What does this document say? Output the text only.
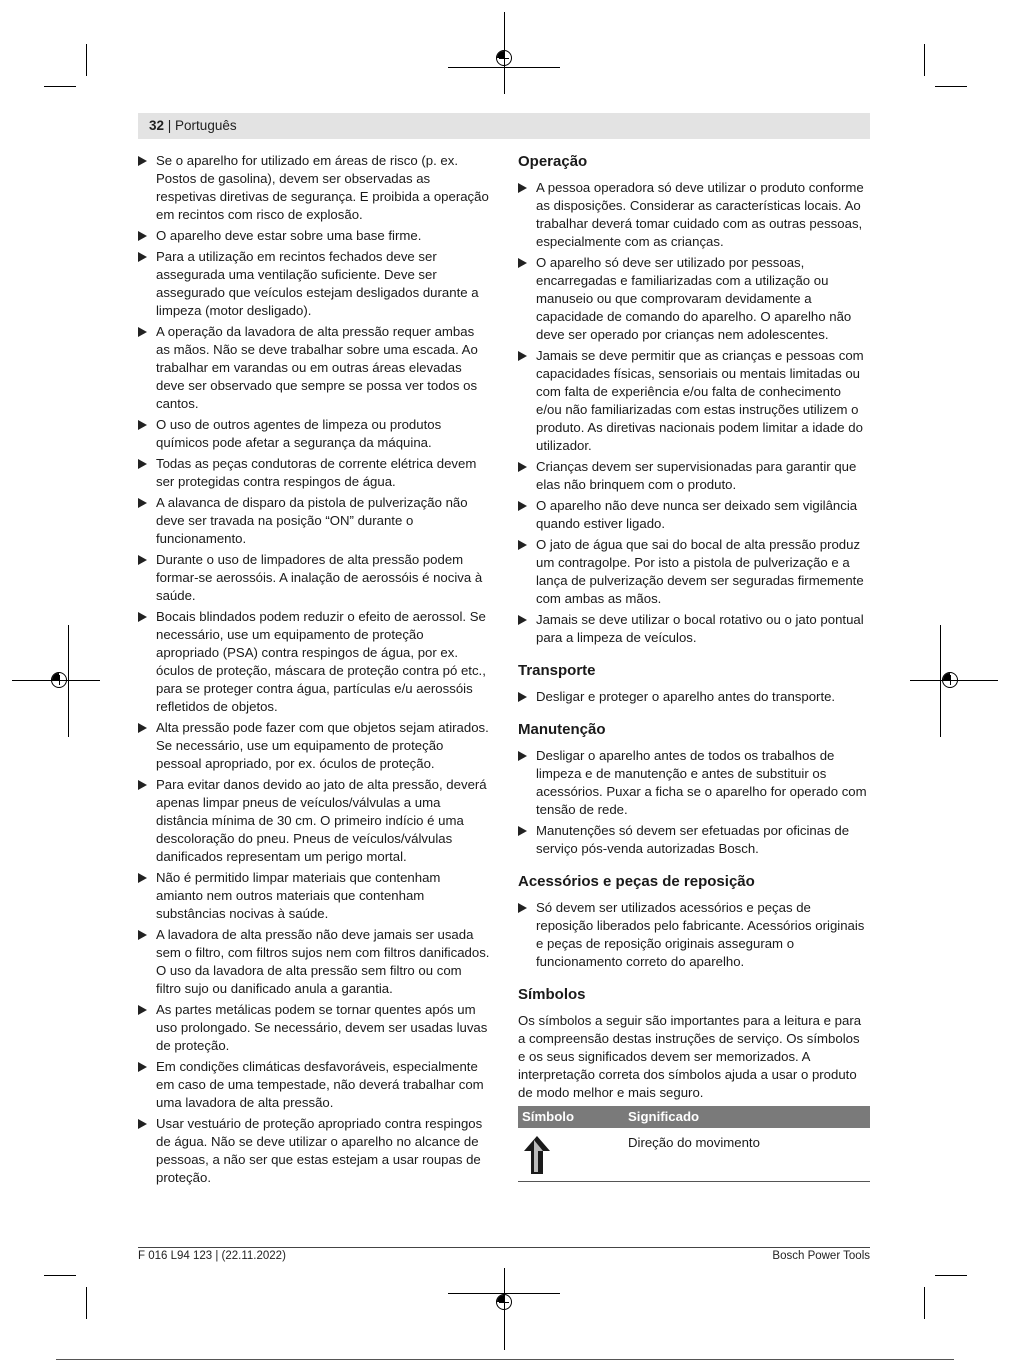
32 | Português
Se o aparelho for utilizado em áreas de risco (p. ex. Postos de gasolina), devem ser observadas as respetivas diretivas de segurança. E proibida a operação em recintos com risco de explosão.
O aparelho deve estar sobre uma base firme.
Para a utilização em recintos fechados deve ser assegurada uma ventilação suficiente. Deve ser assegurado que veículos estejam desligados durante a limpeza (motor desligado).
A operação da lavadora de alta pressão requer ambas as mãos. Não se deve trabalhar sobre uma escada. Ao trabalhar em varandas ou em outras áreas elevadas deve ser observado que sempre se possa ver todos os cantos.
O uso de outros agentes de limpeza ou produtos químicos pode afetar a segurança da máquina.
Todas as peças condutoras de corrente elétrica devem ser protegidas contra respingos de água.
A alavanca de disparo da pistola de pulverização não deve ser travada na posição “ON” durante o funcionamento.
Durante o uso de limpadores de alta pressão podem formar-se aerossóis. A inalação de aerossóis é nociva à saúde.
Bocais blindados podem reduzir o efeito de aerossol. Se necessário, use um equipamento de proteção apropriado (PSA) contra respingos de água, por ex. óculos de proteção, máscara de proteção contra pó etc., para se proteger contra água, partículas e/u aerossóis refletidos de objetos.
Alta pressão pode fazer com que objetos sejam atirados. Se necessário, use um equipamento de proteção pessoal apropriado, por ex. óculos de proteção.
Para evitar danos devido ao jato de alta pressão, deverá apenas limpar pneus de veículos/válvulas a uma distância mínima de 30 cm. O primeiro indício é uma descoloração do pneu. Pneus de veículos/válvulas danificados representam um perigo mortal.
Não é permitido limpar materiais que contenham amianto nem outros materiais que contenham substâncias nocivas à saúde.
A lavadora de alta pressão não deve jamais ser usada sem o filtro, com filtros sujos nem com filtros danificados. O uso da lavadora de alta pressão sem filtro ou com filtro sujo ou danificado anula a garantia.
As partes metálicas podem se tornar quentes após um uso prolongado. Se necessário, devem ser usadas luvas de proteção.
Em condições climáticas desfavoráveis, especialmente em caso de uma tempestade, não deverá trabalhar com uma lavadora de alta pressão.
Usar vestuário de proteção apropriado contra respingos de água. Não se deve utilizar o aparelho no alcance de pessoas, a não ser que estas estejam a usar roupas de proteção.
Operação
A pessoa operadora só deve utilizar o produto conforme as disposições. Considerar as características locais. Ao trabalhar deverá tomar cuidado com as outras pessoas, especialmente com as crianças.
O aparelho só deve ser utilizado por pessoas, encarregadas e familiarizadas com a utilização ou manuseio ou que comprovaram devidamente a capacidade de comando do aparelho. O aparelho não deve ser operado por crianças nem adolescentes.
Jamais se deve permitir que as crianças e pessoas com capacidades físicas, sensoriais ou mentais limitadas ou com falta de experiência e/ou falta de conhecimento e/ou não familiarizadas com estas instruções utilizem o produto. As diretivas nacionais podem limitar a idade do utilizador.
Crianças devem ser supervisionadas para garantir que elas não brinquem com o produto.
O aparelho não deve nunca ser deixado sem vigilância quando estiver ligado.
O jato de água que sai do bocal de alta pressão produz um contragolpe. Por isto a pistola de pulverização e a lança de pulverização devem ser seguradas firmemente com ambas as mãos.
Jamais se deve utilizar o bocal rotativo ou o jato pontual para a limpeza de veículos.
Transporte
Desligar e proteger o aparelho antes do transporte.
Manutenção
Desligar o aparelho antes de todos os trabalhos de limpeza e de manutenção e antes de substituir os acessórios. Puxar a ficha se o aparelho for operado com tensão de rede.
Manutenções só devem ser efetuadas por oficinas de serviço pós-venda autorizadas Bosch.
Acessórios e peças de reposição
Só devem ser utilizados acessórios e peças de reposição liberados pelo fabricante. Acessórios originais e peças de reposição originais asseguram o funcionamento correto do aparelho.
Símbolos

Os símbolos a seguir são importantes para a leitura e para a compreensão destas instruções de serviço. Os símbolos e os seus significados devem ser memorizados. A interpretação correta dos símbolos ajuda a usar o produto de modo melhor e mais seguro.

Símbolo	Significado
	Direção do movimento
F 016 L94 123 | (22.11.2022)	Bosch Power Tools
